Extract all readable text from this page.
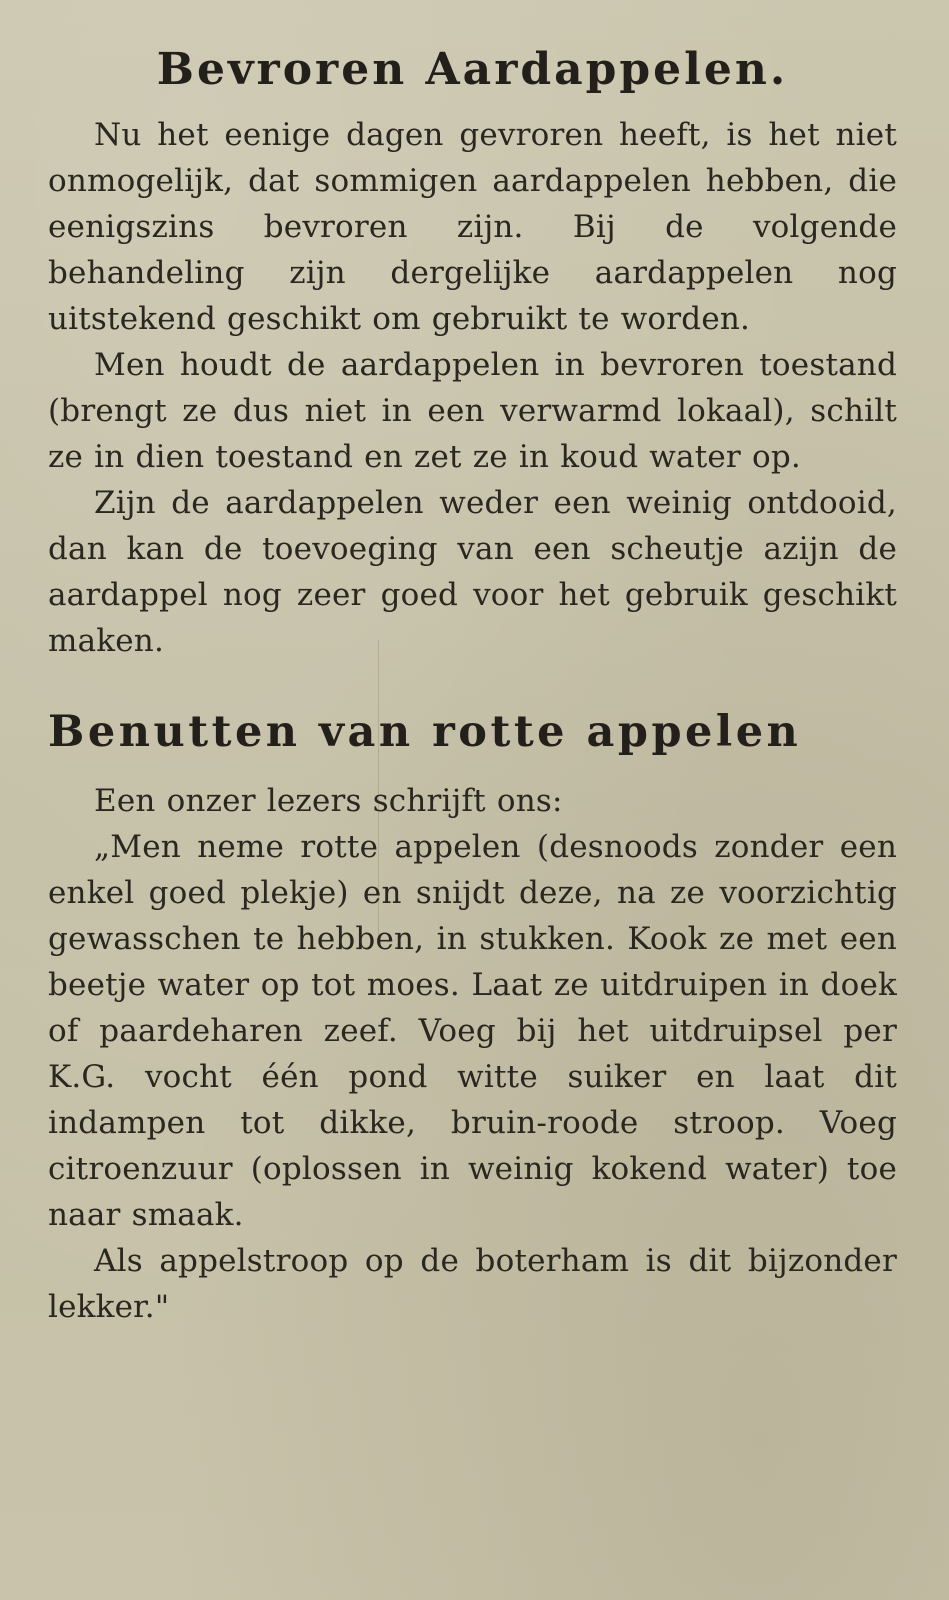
Bevroren Aardappelen.

Nu het eenige dagen gevroren heeft, is het niet onmogelijk, dat sommigen aardappelen hebben, die eenigszins bevroren zijn. Bij de volgende behandeling zijn dergelijke aardappelen nog uitstekend geschikt om gebruikt te worden.

Men houdt de aardappelen in bevroren toestand (brengt ze dus niet in een verwarmd lokaal), schilt ze in dien toestand en zet ze in koud water op.

Zijn de aardappelen weder een weinig ontdooid, dan kan de toevoeging van een scheutje azijn de aardappel nog zeer goed voor het gebruik geschikt maken.

Benutten van rotte appelen

Een onzer lezers schrijft ons:

„Men neme rotte appelen (desnoods zonder een enkel goed plekje) en snijdt deze, na ze voorzichtig gewasschen te hebben, in stukken. Kook ze met een beetje water op tot moes. Laat ze uitdruipen in doek of paardeharen zeef. Voeg bij het uitdruipsel per K.G. vocht één pond witte suiker en laat dit indampen tot dikke, bruin-roode stroop. Voeg citroenzuur (oplossen in weinig kokend water) toe naar smaak.

Als appelstroop op de boterham is dit bijzonder lekker."
